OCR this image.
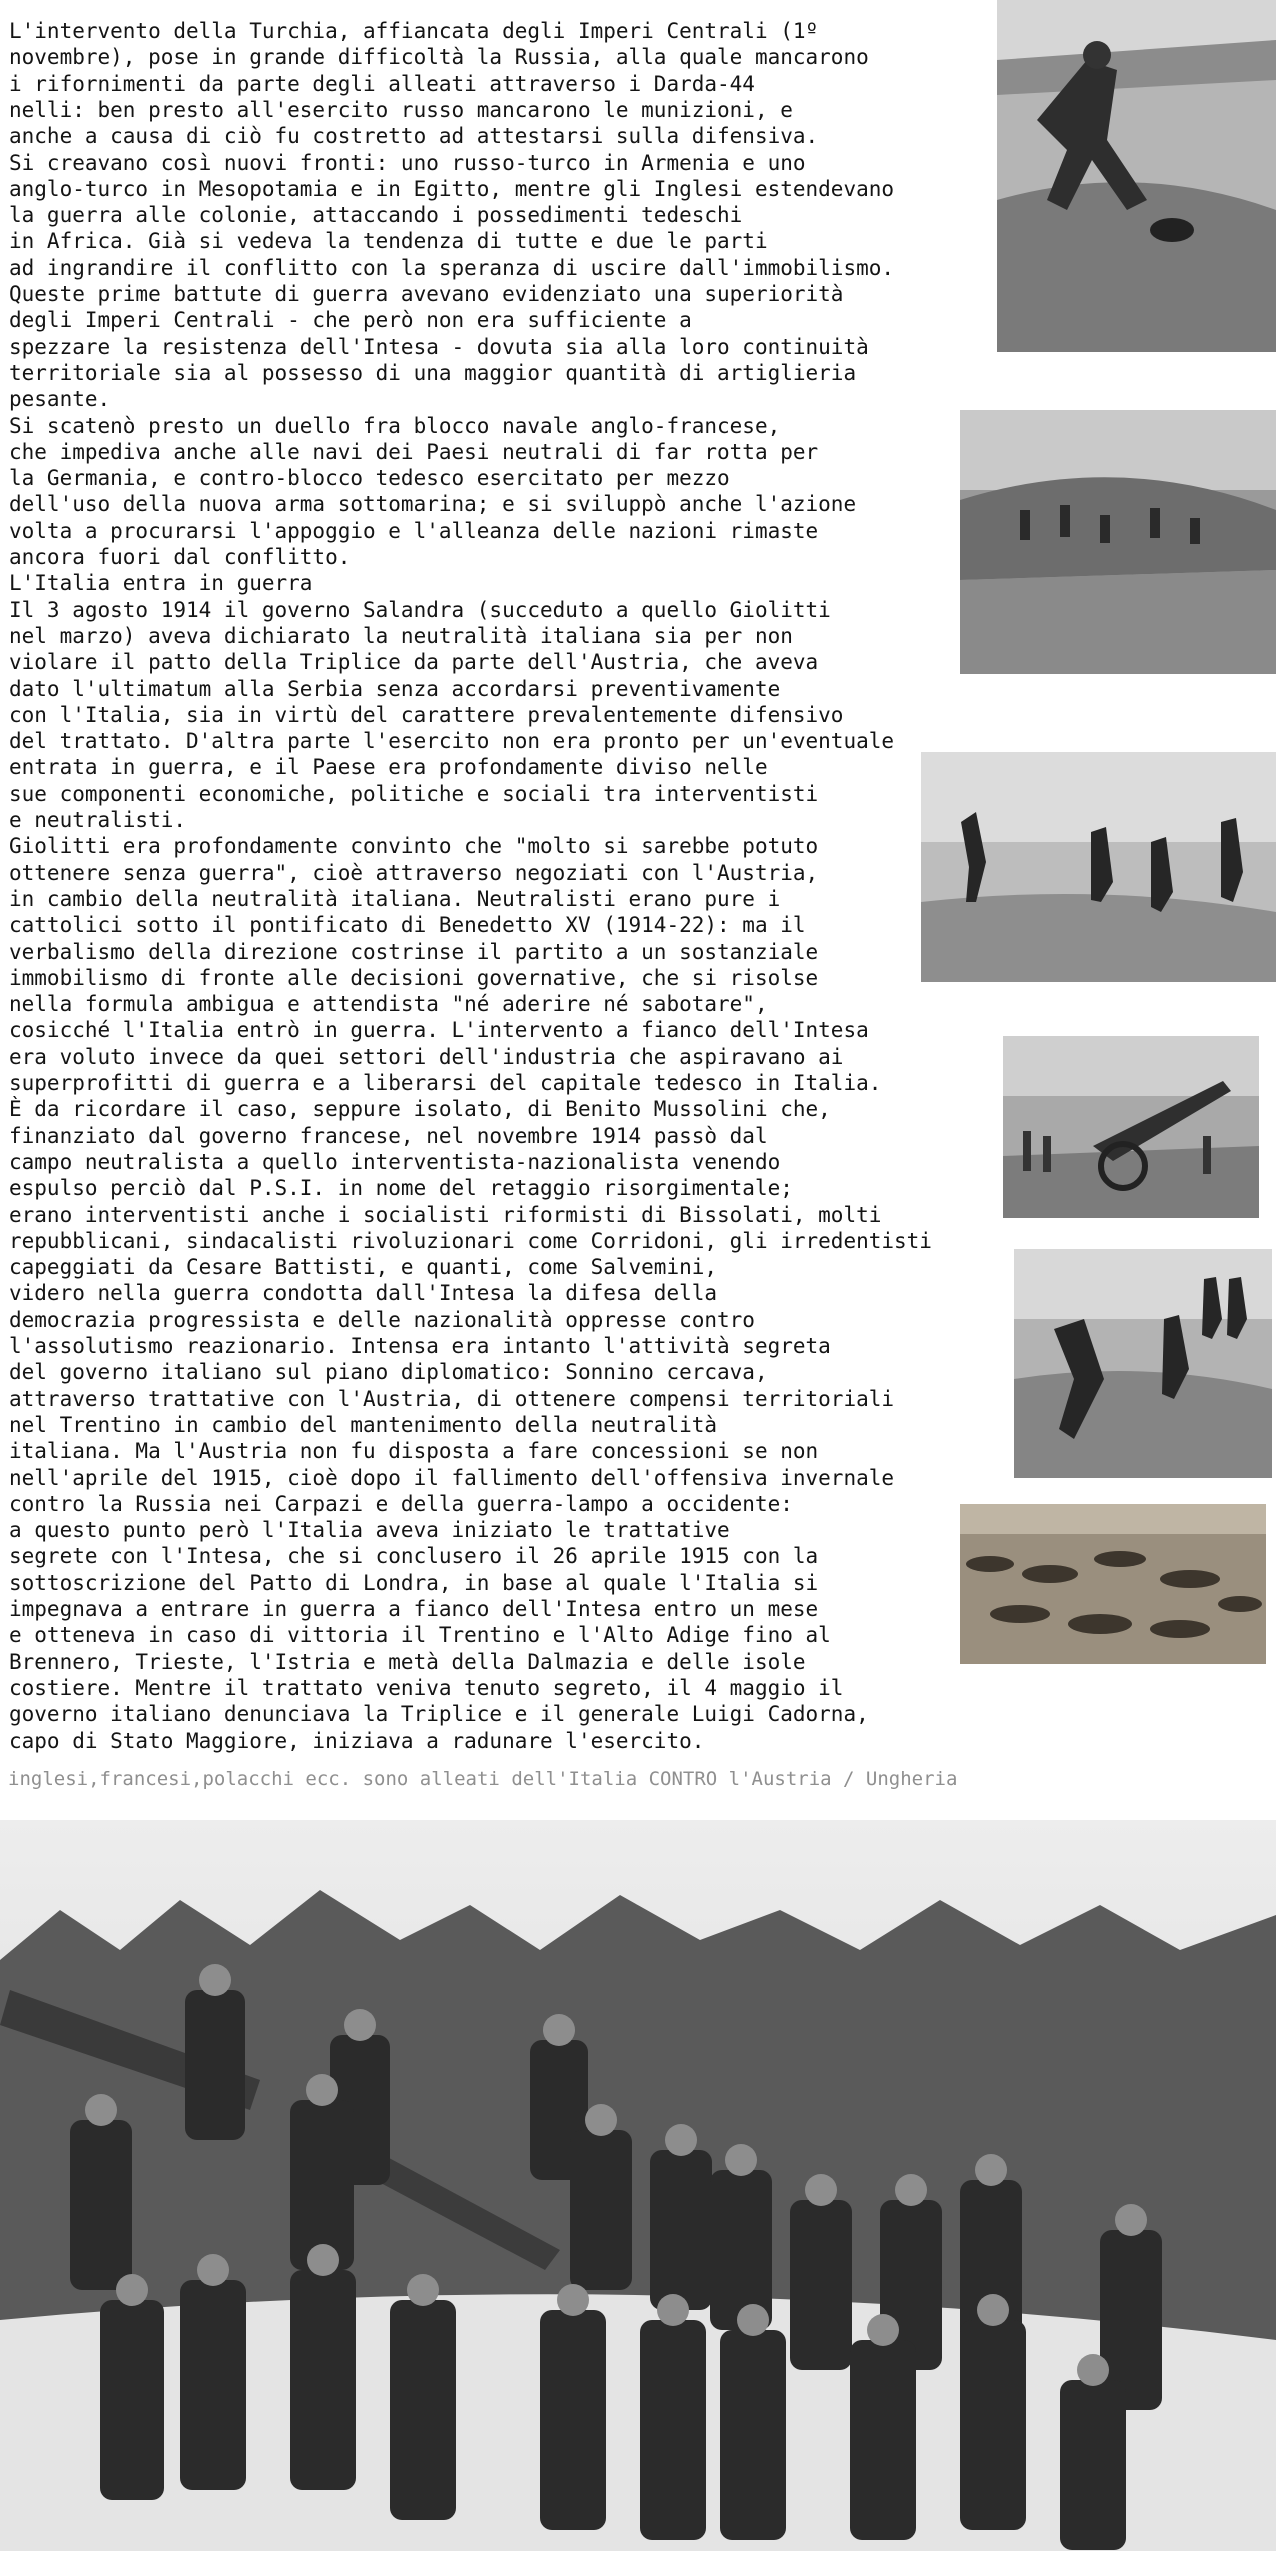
L'intervento della Turchia, affiancata degli Imperi Centrali (1º

novembre), pose in grande difficoltà la Russia, alla quale mancarono

i rifornimenti da parte degli alleati attraverso i Darda-44

nelli: ben presto all'esercito russo mancarono le munizioni, e

anche a causa di ciò fu costretto ad attestarsi sulla difensiva.

Si creavano così nuovi fronti: uno russo-turco in Armenia e uno

anglo-turco in Mesopotamia e in Egitto, mentre gli Inglesi estendevano

la guerra alle colonie, attaccando i possedimenti tedeschi

in Africa. Già si vedeva la tendenza di tutte e due le parti

ad ingrandire il conflitto con la speranza di uscire dall'immobilismo.

Queste prime battute di guerra avevano evidenziato una superiorità

degli Imperi Centrali - che però non era sufficiente a

spezzare la resistenza dell'Intesa - dovuta sia alla loro continuità

territoriale sia al possesso di una maggior quantità di artiglieria

pesante.

Si scatenò presto un duello fra blocco navale anglo-francese,

che impediva anche alle navi dei Paesi neutrali di far rotta per

la Germania, e contro-blocco tedesco esercitato per mezzo

dell'uso della nuova arma sottomarina; e si sviluppò anche l'azione

volta a procurarsi l'appoggio e l'alleanza delle nazioni rimaste

ancora fuori dal conflitto.

L'Italia entra in guerra

Il 3 agosto 1914 il governo Salandra (succeduto a quello Giolitti

nel marzo) aveva dichiarato la neutralità italiana sia per non

violare il patto della Triplice da parte dell'Austria, che aveva

dato l'ultimatum alla Serbia senza accordarsi preventivamente

con l'Italia, sia in virtù del carattere prevalentemente difensivo

del trattato. D'altra parte l'esercito non era pronto per un'eventuale

entrata in guerra, e il Paese era profondamente diviso nelle

sue componenti economiche, politiche e sociali tra interventisti

e neutralisti.

Giolitti era profondamente convinto che "molto si sarebbe potuto

ottenere senza guerra", cioè attraverso negoziati con l'Austria,

in cambio della neutralità italiana. Neutralisti erano pure i

cattolici sotto il pontificato di Benedetto XV (1914-22): ma il

verbalismo della direzione costrinse il partito a un sostanziale

immobilismo di fronte alle decisioni governative, che si risolse

nella formula ambigua e attendista "né aderire né sabotare",

cosicché l'Italia entrò in guerra. L'intervento a fianco dell'Intesa

era voluto invece da quei settori dell'industria che aspiravano ai

superprofitti di guerra e a liberarsi del capitale tedesco in Italia.

È da ricordare il caso, seppure isolato, di Benito Mussolini che,

finanziato dal governo francese, nel novembre 1914 passò dal

campo neutralista a quello interventista-nazionalista venendo

espulso perciò dal P.S.I. in nome del retaggio risorgimentale;

erano interventisti anche i socialisti riformisti di Bissolati, molti

repubblicani, sindacalisti rivoluzionari come Corridoni, gli irredentisti

capeggiati da Cesare Battisti, e quanti, come Salvemini,

videro nella guerra condotta dall'Intesa la difesa della

democrazia progressista e delle nazionalità oppresse contro

l'assolutismo reazionario. Intensa era intanto l'attività segreta

del governo italiano sul piano diplomatico: Sonnino cercava,

attraverso trattative con l'Austria, di ottenere compensi territoriali

nel Trentino in cambio del mantenimento della neutralità

italiana. Ma l'Austria non fu disposta a fare concessioni se non

nell'aprile del 1915, cioè dopo il fallimento dell'offensiva invernale

contro la Russia nei Carpazi e della guerra-lampo a occidente:

a questo punto però l'Italia aveva iniziato le trattative

segrete con l'Intesa, che si conclusero il 26 aprile 1915 con la

sottoscrizione del Patto di Londra, in base al quale l'Italia si

impegnava a entrare in guerra a fianco dell'Intesa entro un mese

e otteneva in caso di vittoria il Trentino e l'Alto Adige fino al

Brennero, Trieste, l'Istria e metà della Dalmazia e delle isole

costiere. Mentre il trattato veniva tenuto segreto, il 4 maggio il

governo italiano denunciava la Triplice e il generale Luigi Cadorna,

capo di Stato Maggiore, iniziava a radunare l'esercito.

inglesi,francesi,polacchi ecc. sono alleati dell'Italia CONTRO l'Austria / Ungheria
